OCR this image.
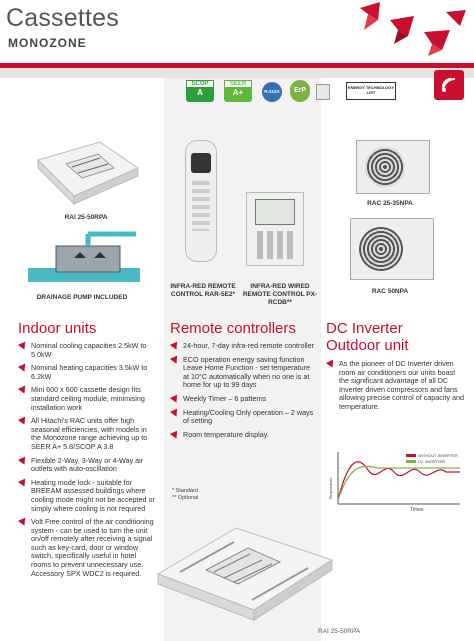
Cassettes
MONOZONE
SCOP
A
SEER
A+	R-410A	ErP	ENERGY TECHNOLOGY LIST
RAI 25-50RPA
DRAINAGE PUMP INCLUDED
INFRA-RED REMOTE CONTROL RAR-5E2*
INFRA-RED WIRED REMOTE CONTROL PX-RCDB**
RAC 25-35NPA
RAC 50NPA
Indoor units
Nominal cooling capacities 2.5kW to 5.0kW
Nominal heating capacities 3.5kW to 6.2kW
Mini 600 x 600 cassette design fits standard ceiling module, minimising installation work
All Hitachi's RAC units offer high seasonal efficiencies, with models in the Monozone range achieving up to SEER A+ 5.8/SCOP A 3.8
Flexible 2-Way, 3-Way or 4-Way air outlets with auto-oscillation
Heating mode lock - suitable for BREEAM assessed buildings where cooling mode might not be accepted or simply where cooling is not required
Volt Free control of the air conditioning system - can be used to turn the unit on/off remotely after receiving a signal such as key-card, door or window switch, specifically useful in hotel rooms to prevent unnecessary use. Accessory SPX WDC2 is required.
Remote controllers
24-hour, 7-day infra-red remote controller
ECO operation energy saving function Leave Home Function - set temperature at 10°C automatically when no one is at home for up to 99 days
Weekly Timer – 6 patterns
Heating/Cooling Only operation – 2 ways of setting
Room temperature display.
* Standard
** Optional
DC Inverter
Outdoor unit
As the pioneer of DC Inverter driven room air conditioners our units boast the significant advantage of all DC Inverter driven compressors and fans allowing precise control of capacity and temperature.
Temperature
WITHOUT INVERTER
DC INVERTER
Times
RAI 25-50RPA
